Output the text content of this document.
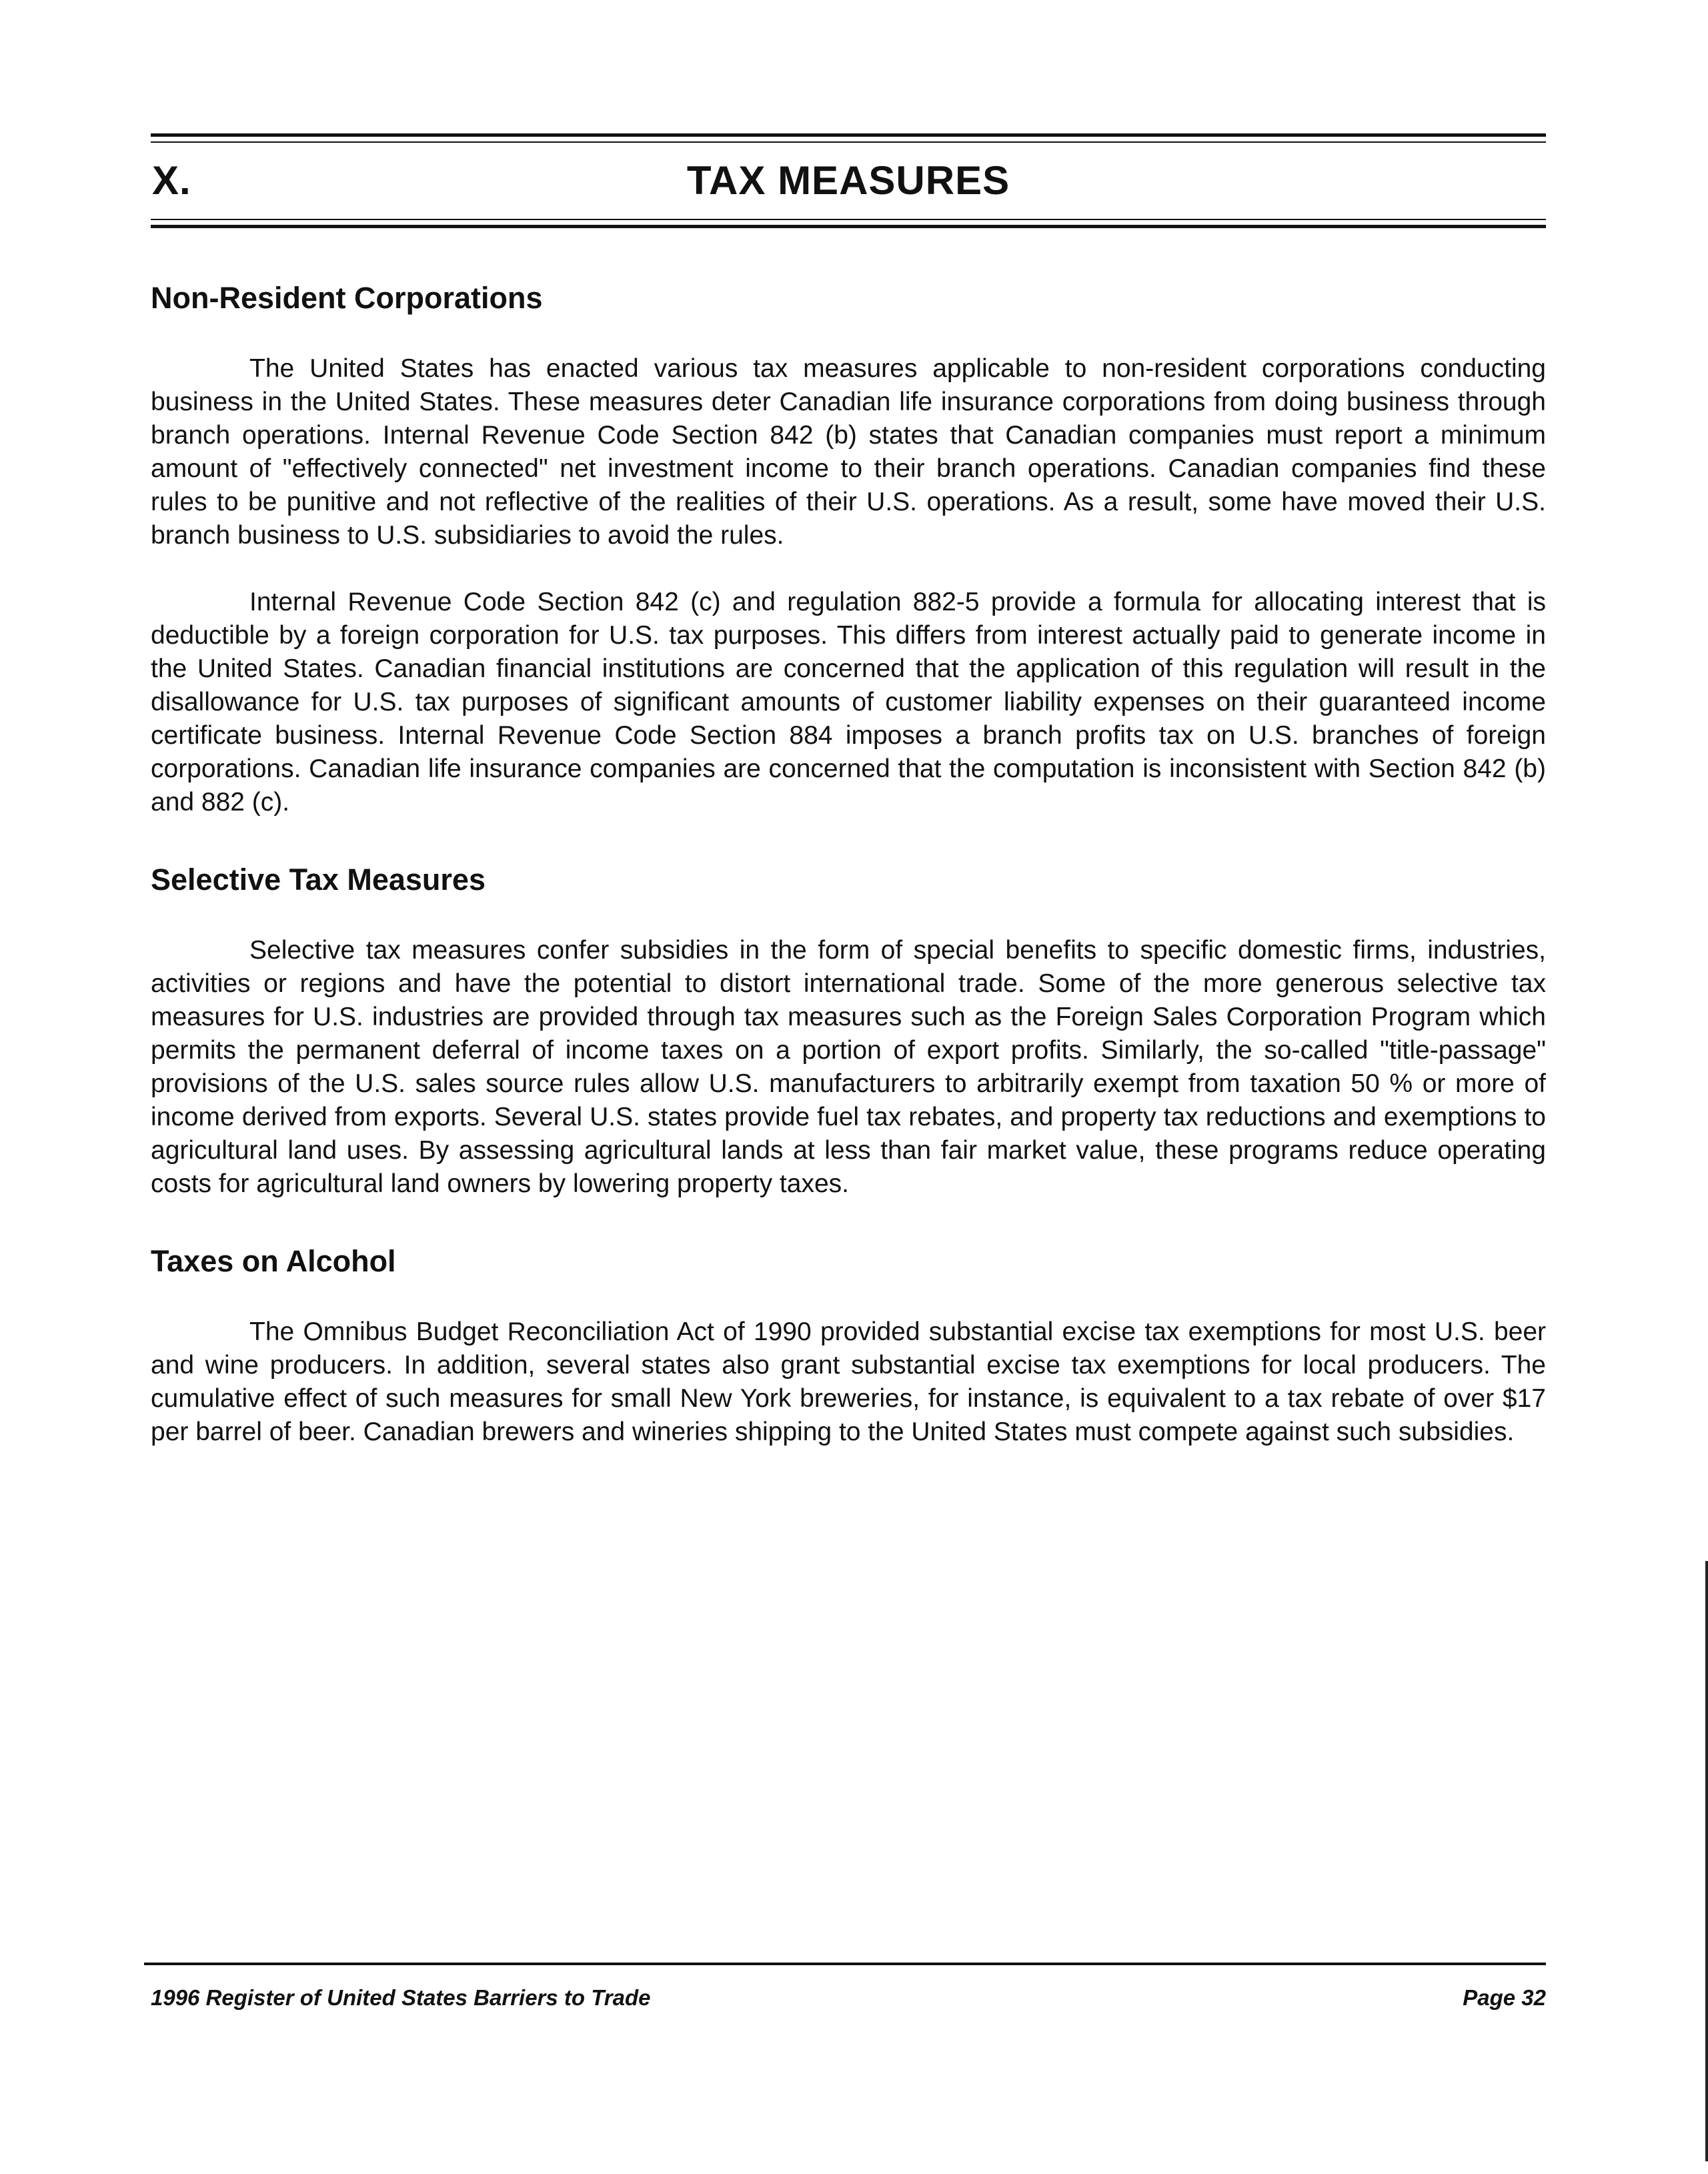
X.	TAX MEASURES
Non-Resident Corporations

The United States has enacted various tax measures applicable to non-resident corporations conducting business in the United States. These measures deter Canadian life insurance corporations from doing business through branch operations. Internal Revenue Code Section 842 (b) states that Canadian companies must report a minimum amount of "effectively connected" net investment income to their branch operations. Canadian companies find these rules to be punitive and not reflective of the realities of their U.S. operations. As a result, some have moved their U.S. branch business to U.S. subsidiaries to avoid the rules.

Internal Revenue Code Section 842 (c) and regulation 882-5 provide a formula for allocating interest that is deductible by a foreign corporation for U.S. tax purposes. This differs from interest actually paid to generate income in the United States. Canadian financial institutions are concerned that the application of this regulation will result in the disallowance for U.S. tax purposes of significant amounts of customer liability expenses on their guaranteed income certificate business. Internal Revenue Code Section 884 imposes a branch profits tax on U.S. branches of foreign corporations. Canadian life insurance companies are concerned that the computation is inconsistent with Section 842 (b) and 882 (c).

Selective Tax Measures

Selective tax measures confer subsidies in the form of special benefits to specific domestic firms, industries, activities or regions and have the potential to distort international trade. Some of the more generous selective tax measures for U.S. industries are provided through tax measures such as the Foreign Sales Corporation Program which permits the permanent deferral of income taxes on a portion of export profits. Similarly, the so-called "title-passage" provisions of the U.S. sales source rules allow U.S. manufacturers to arbitrarily exempt from taxation 50 % or more of income derived from exports. Several U.S. states provide fuel tax rebates, and property tax reductions and exemptions to agricultural land uses. By assessing agricultural lands at less than fair market value, these programs reduce operating costs for agricultural land owners by lowering property taxes.

Taxes on Alcohol

The Omnibus Budget Reconciliation Act of 1990 provided substantial excise tax exemptions for most U.S. beer and wine producers. In addition, several states also grant substantial excise tax exemptions for local producers. The cumulative effect of such measures for small New York breweries, for instance, is equivalent to a tax rebate of over $17 per barrel of beer. Canadian brewers and wineries shipping to the United States must compete against such subsidies.

1996 Register of United States Barriers to Trade	Page 32
